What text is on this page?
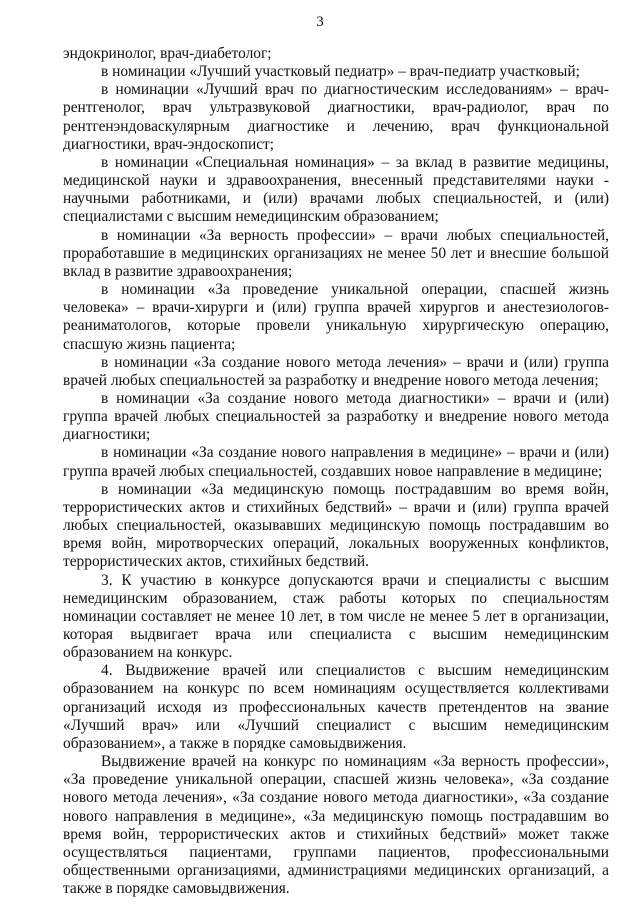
3

эндокринолог, врач-диабетолог;

в номинации «Лучший участковый педиатр» – врач-педиатр участковый;

в номинации «Лучший врач по диагностическим исследованиям» – врач-рентгенолог, врач ультразвуковой диагностики, врач-радиолог, врач по рентгенэндоваскулярным диагностике и лечению, врач функциональной диагностики, врач-эндоскопист;

в номинации «Специальная номинация» – за вклад в развитие медицины, медицинской науки и здравоохранения, внесенный представителями науки - научными работниками, и (или) врачами любых специальностей, и (или) специалистами с высшим немедицинским образованием;

в номинации «За верность профессии» – врачи любых специальностей, проработавшие в медицинских организациях не менее 50 лет и внесшие большой вклад в развитие здравоохранения;

в номинации «За проведение уникальной операции, спасшей жизнь человека» – врачи-хирурги и (или) группа врачей хирургов и анестезиологов-реаниматологов, которые провели уникальную хирургическую операцию, спасшую жизнь пациента;

в номинации «За создание нового метода лечения» – врачи и (или) группа врачей любых специальностей за разработку и внедрение нового метода лечения;

в номинации «За создание нового метода диагностики» – врачи и (или) группа врачей любых специальностей за разработку и внедрение нового метода диагностики;

в номинации «За создание нового направления в медицине» – врачи и (или) группа врачей любых специальностей, создавших новое направление в медицине;

в номинации «За медицинскую помощь пострадавшим во время войн, террористических актов и стихийных бедствий» – врачи и (или) группа врачей любых специальностей, оказывавших медицинскую помощь пострадавшим во время войн, миротворческих операций, локальных вооруженных конфликтов, террористических актов, стихийных бедствий.

3. К участию в конкурсе допускаются врачи и специалисты с высшим немедицинским образованием, стаж работы которых по специальностям номинации составляет не менее 10 лет, в том числе не менее 5 лет в организации, которая выдвигает врача или специалиста с высшим немедицинским образованием на конкурс.

4. Выдвижение врачей или специалистов с высшим немедицинским образованием на конкурс по всем номинациям осуществляется коллективами организаций исходя из профессиональных качеств претендентов на звание «Лучший врач» или «Лучший специалист с высшим немедицинским образованием», а также в порядке самовыдвижения.

Выдвижение врачей на конкурс по номинациям «За верность профессии», «За проведение уникальной операции, спасшей жизнь человека», «За создание нового метода лечения», «За создание нового метода диагностики», «За создание нового направления в медицине», «За медицинскую помощь пострадавшим во время войн, террористических актов и стихийных бедствий» может также осуществляться пациентами, группами пациентов, профессиональными общественными организациями, администрациями медицинских организаций, а также в порядке самовыдвижения.
